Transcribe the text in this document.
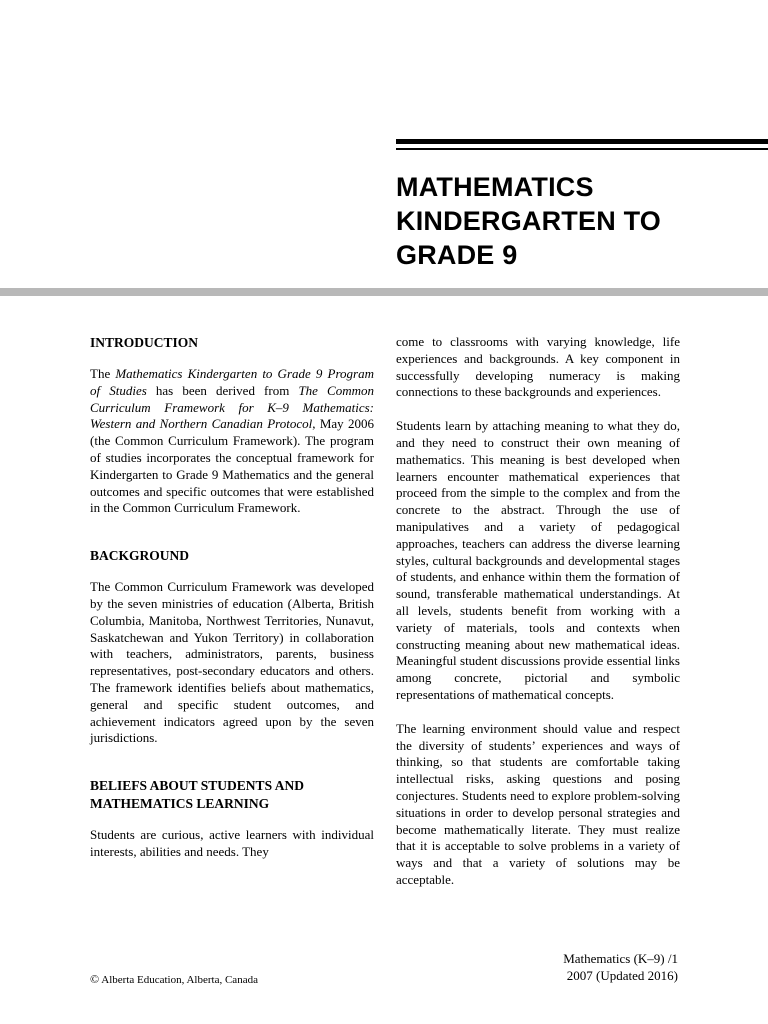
MATHEMATICS
KINDERGARTEN TO
GRADE 9
INTRODUCTION

The Mathematics Kindergarten to Grade 9 Program of Studies has been derived from The Common Curriculum Framework for K–9 Mathematics: Western and Northern Canadian Protocol, May 2006 (the Common Curriculum Framework). The program of studies incorporates the conceptual framework for Kindergarten to Grade 9 Mathematics and the general outcomes and specific outcomes that were established in the Common Curriculum Framework.

BACKGROUND

The Common Curriculum Framework was developed by the seven ministries of education (Alberta, British Columbia, Manitoba, Northwest Territories, Nunavut, Saskatchewan and Yukon Territory) in collaboration with teachers, administrators, parents, business representatives, post-secondary educators and others. The framework identifies beliefs about mathematics, general and specific student outcomes, and achievement indicators agreed upon by the seven jurisdictions.

BELIEFS ABOUT STUDENTS AND
MATHEMATICS LEARNING

Students are curious, active learners with individual interests, abilities and needs. They

come to classrooms with varying knowledge, life experiences and backgrounds. A key component in successfully developing numeracy is making connections to these backgrounds and experiences.

Students learn by attaching meaning to what they do, and they need to construct their own meaning of mathematics. This meaning is best developed when learners encounter mathematical experiences that proceed from the simple to the complex and from the concrete to the abstract. Through the use of manipulatives and a variety of pedagogical approaches, teachers can address the diverse learning styles, cultural backgrounds and developmental stages of students, and enhance within them the formation of sound, transferable mathematical understandings. At all levels, students benefit from working with a variety of materials, tools and contexts when constructing meaning about new mathematical ideas. Meaningful student discussions provide essential links among concrete, pictorial and symbolic representations of mathematical concepts.

The learning environment should value and respect the diversity of students’ experiences and ways of thinking, so that students are comfortable taking intellectual risks, asking questions and posing conjectures. Students need to explore problem-solving situations in order to develop personal strategies and become mathematically literate. They must realize that it is acceptable to solve problems in a variety of ways and that a variety of solutions may be acceptable.

Mathematics (K–9) /1
2007 (Updated 2016)
© Alberta Education, Alberta, Canada
